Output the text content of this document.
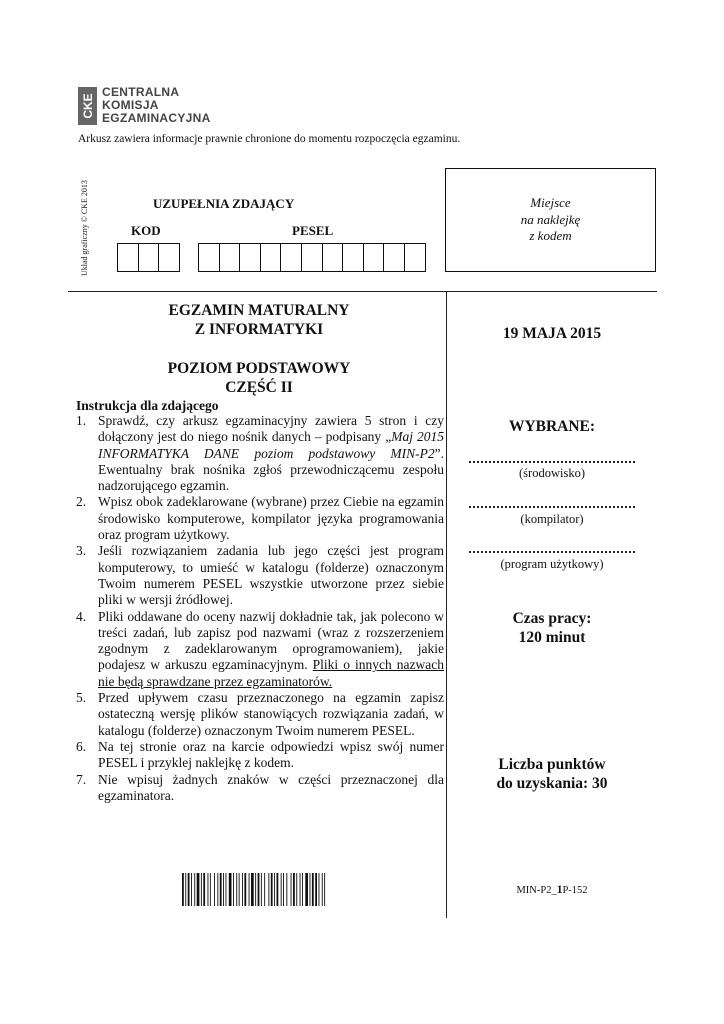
CKE
CENTRALNA
KOMISJA
EGZAMINACYJNA
Arkusz zawiera informacje prawnie chronione do momentu rozpoczęcia egzaminu.
Układ graficzny © CKE 2013	UZUPEŁNIA ZDAJĄCY
KOD	PESEL
Miejsce
na naklejkę
z kodem
EGZAMIN MATURALNY
Z INFORMATYKI
POZIOM PODSTAWOWY
CZĘŚĆ II
Instrukcja dla zdającego
1. Sprawdź, czy arkusz egzaminacyjny zawiera 5 stron i czy dołączony jest do niego nośnik danych – podpisany „Maj 2015 INFORMATYKA DANE poziom podstawowy MIN-P2”. Ewentualny brak nośnika zgłoś przewodniczącemu zespołu nadzorującego egzamin.
2. Wpisz obok zadeklarowane (wybrane) przez Ciebie na egzamin środowisko komputerowe, kompilator języka programowania oraz program użytkowy.
3. Jeśli rozwiązaniem zadania lub jego części jest program komputerowy, to umieść w katalogu (folderze) oznaczonym Twoim numerem PESEL wszystkie utworzone przez siebie pliki w wersji źródłowej.
4. Pliki oddawane do oceny nazwij dokładnie tak, jak polecono w treści zadań, lub zapisz pod nazwami (wraz z rozszerzeniem zgodnym z zadeklarowanym oprogramowaniem), jakie podajesz w arkuszu egzaminacyjnym. Pliki o innych nazwach nie będą sprawdzane przez egzaminatorów.
5. Przed upływem czasu przeznaczonego na egzamin zapisz ostateczną wersję plików stanowiących rozwiązania zadań, w katalogu (folderze) oznaczonym Twoim numerem PESEL.
6. Na tej stronie oraz na karcie odpowiedzi wpisz swój numer PESEL i przyklej naklejkę z kodem.
7. Nie wpisuj żadnych znaków w części przeznaczonej dla egzaminatora.
19 MAJA 2015
WYBRANE:
(środowisko)
(kompilator)
(program użytkowy)
Czas pracy:
120 minut
Liczba punktów
do uzyskania: 30
MIN-P2_1P-152
